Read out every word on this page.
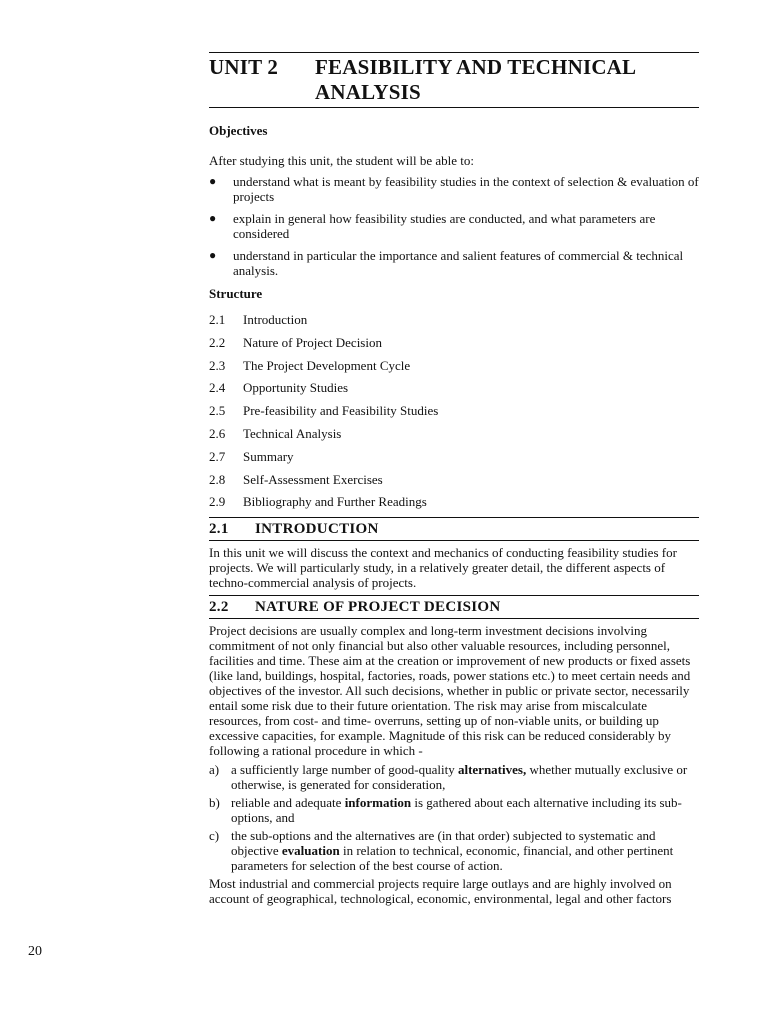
20
UNIT 2	FEASIBILITY AND TECHNICAL ANALYSIS
Objectives
After studying this unit, the student will be able to:
● understand what is meant by feasibility studies in the context of selection & evaluation of projects
● explain in general how feasibility studies are conducted, and what parameters are considered
● understand in particular the importance and salient features of commercial & technical analysis.
Structure
2.1	Introduction
2.2	Nature of Project Decision
2.3	The Project Development Cycle
2.4	Opportunity Studies
2.5	Pre-feasibility and Feasibility Studies
2.6	Technical Analysis
2.7	Summary
2.8	Self-Assessment Exercises
2.9	Bibliography and Further Readings
2.1	INTRODUCTION

In this unit we will discuss the context and mechanics of conducting feasibility studies for projects. We will particularly study, in a relatively greater detail, the different aspects of techno-commercial analysis of projects.

2.2	NATURE OF PROJECT DECISION

Project decisions are usually complex and long-term investment decisions involving commitment of not only financial but also other valuable resources, including personnel, facilities and time. These aim at the creation or improvement of new products or fixed assets (like land, buildings, hospital, factories, roads, power stations etc.) to meet certain needs and objectives of the investor. All such decisions, whether in public or private sector, necessarily entail some risk due to their future orientation. The risk may arise from miscalculate resources, from cost- and time- overruns, setting up of non-viable units, or building up excessive capacities, for example. Magnitude of this risk can be reduced considerably by following a rational procedure in which -

a) a sufficiently large number of good-quality alternatives, whether mutually exclusive or otherwise, is generated for consideration,
b) reliable and adequate information is gathered about each alternative including its sub-options, and
c) the sub-options and the alternatives are (in that order) subjected to systematic and objective evaluation in relation to technical, economic, financial, and other pertinent parameters for selection of the best course of action.

Most industrial and commercial projects require large outlays and are highly involved on account of geographical, technological, economic, environmental, legal and other factors
